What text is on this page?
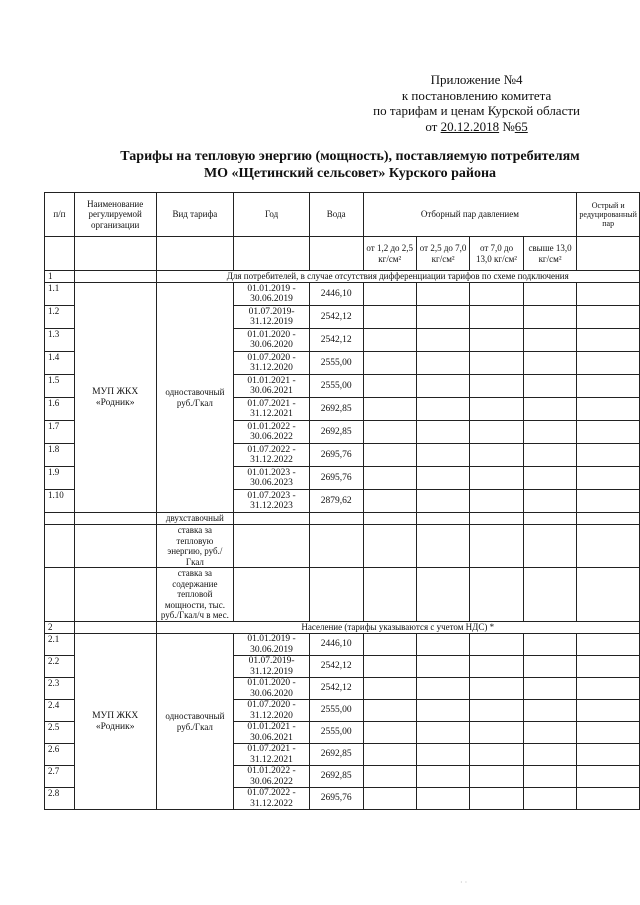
Приложение №4
к постановлению комитета
по тарифам и ценам Курской области
от 20.12.2018 №65
Тарифы на тепловую энергию (мощность), поставляемую потребителям
МО «Щетинский сельсовет» Курского района
п/п	Наименование регулируемой организации	Вид тарифа	Год	Вода	Отборный пар давлением				Острый и редуцированный пар
					от 1,2 до 2,5 кг/см²	от 2,5 до 7,0 кг/см²	от 7,0 до 13,0 кг/см²	свыше 13,0 кг/см²	
1		Для потребителей, в случае отсутствия дифференциации тарифов по схеме подключения							
1.1	МУП ЖКХ «Родник»	одноставочный руб./Гкал	01.01.2019 - 30.06.2019	2446,10					
1.2			01.07.2019- 31.12.2019	2542,12					
1.3			01.01.2020 - 30.06.2020	2542,12					
1.4			01.07.2020 - 31.12.2020	2555,00					
1.5			01.01.2021 - 30.06.2021	2555,00					
1.6			01.07.2021 - 31.12.2021	2692,85					
1.7			01.01.2022 - 30.06.2022	2692,85					
1.8			01.07.2022 - 31.12.2022	2695,76					
1.9			01.01.2023 - 30.06.2023	2695,76					
1.10			01.07.2023 - 31.12.2023	2879,62					
		двухставочный							
		ставка за тепловую энергию, руб./Гкал							
		ставка за содержание тепловой мощности, тыс. руб./Гкал/ч в мес.							
2		Население (тарифы указываются с учетом НДС) *							
2.1	МУП ЖКХ «Родник»	одноставочный руб./Гкал	01.01.2019 - 30.06.2019	2446,10					
2.2			01.07.2019- 31.12.2019	2542,12					
2.3			01.01.2020 - 30.06.2020	2542,12					
2.4			01.07.2020 - 31.12.2020	2555,00					
2.5			01.01.2021 - 30.06.2021	2555,00					
2.6			01.07.2021 - 31.12.2021	2692,85					
2.7			01.01.2022 - 30.06.2022	2692,85					
2.8			01.07.2022 - 31.12.2022	2695,76					
· ·
